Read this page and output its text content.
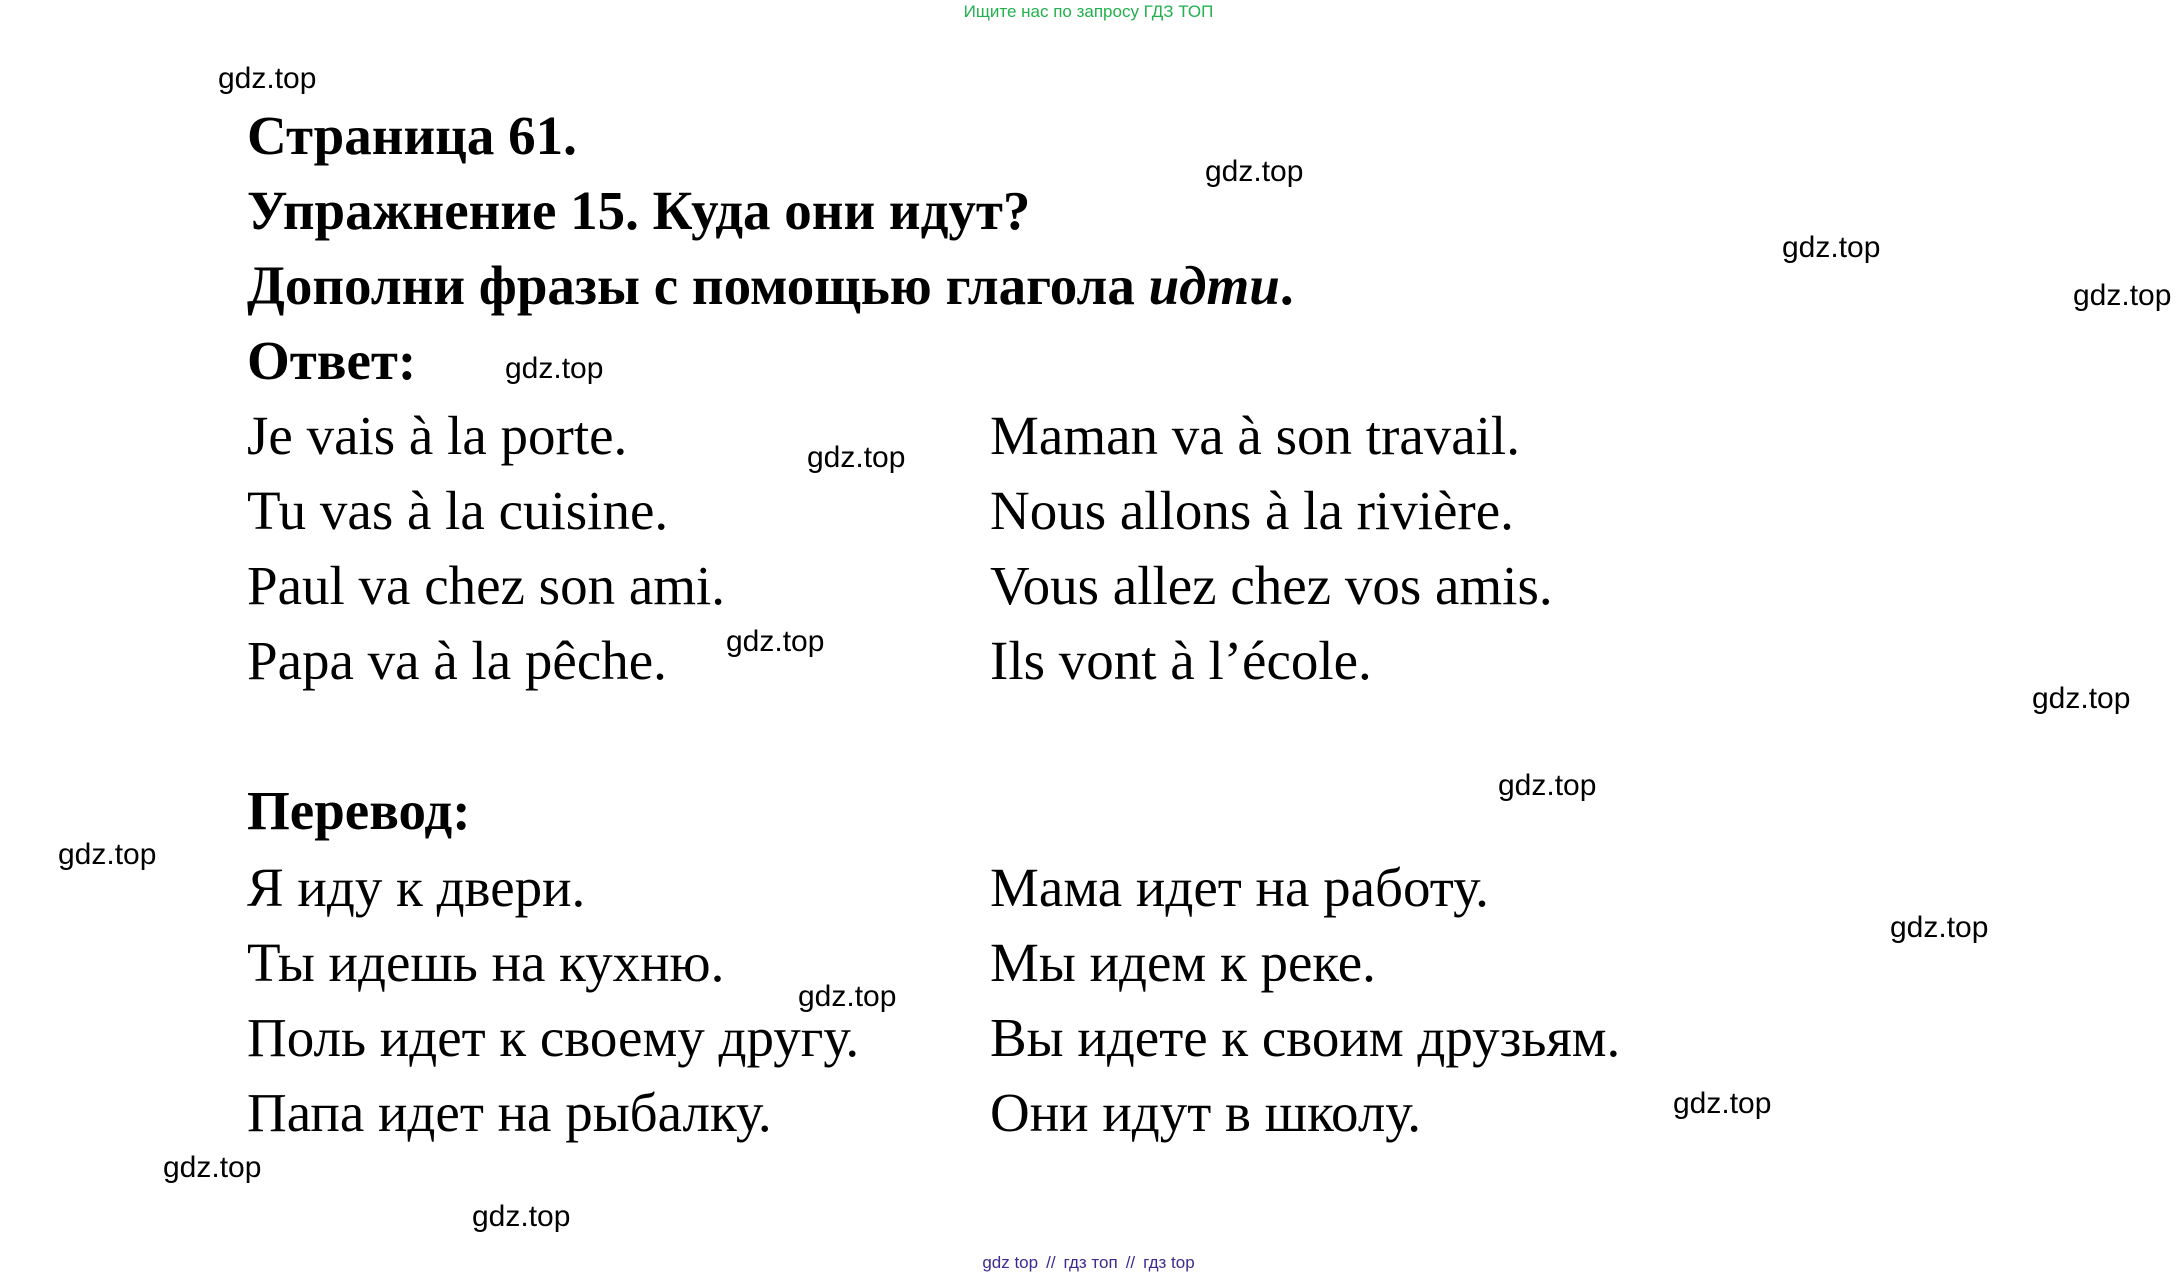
Ищите нас по запросу ГДЗ ТОП
Страница 61.
Упражнение 15. Куда они идут?
Дополни фразы с помощью глагола идти.
Ответ:
Je vais à la porte.
Tu vas à la cuisine.
Paul va chez son ami.
Papa va à la pêche.
Maman va à son travail.
Nous allons à la rivière.
Vous allez chez vos amis.
Ils vont à l’école.
Перевод:
Я иду к двери.
Ты идешь на кухню.
Поль идет к своему другу.
Папа идет на рыбалку.
Мама идет на работу.
Мы идем к реке.
Вы идете к своим друзьям.
Они идут в школу.
gdz.top
gdz.top
gdz.top
gdz.top
gdz.top
gdz.top
gdz.top
gdz.top
gdz.top
gdz.top
gdz.top
gdz.top
gdz.top
gdz.top
gdz.top
gdz top // гдз топ // гдз top
